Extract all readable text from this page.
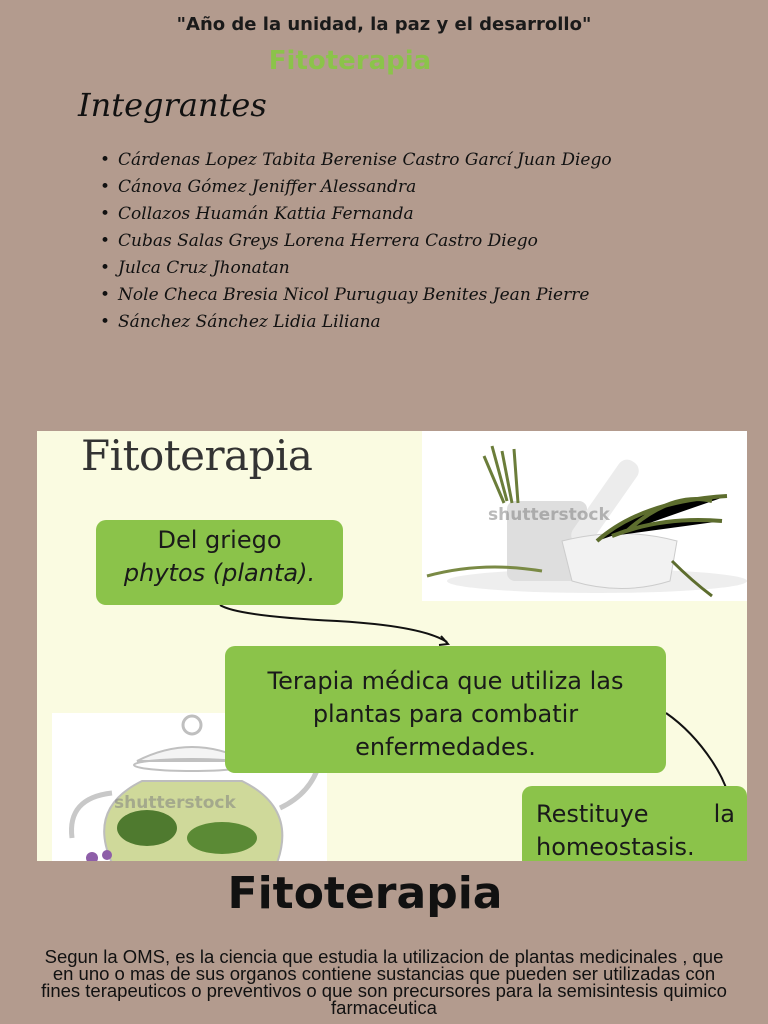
"Año de la unidad, la paz y el desarrollo"
Fitoterapia
Integrantes
• Cárdenas Lopez Tabita Berenise Castro Garcí Juan Diego
• Cánova Gómez Jeniffer Alessandra
• Collazos Huamán Kattia Fernanda
• Cubas Salas Greys Lorena Herrera Castro Diego
• Julca Cruz Jhonatan
• Nole Checa Bresia Nicol Puruguay Benites Jean Pierre
• Sánchez Sánchez Lidia Liliana
Fitoterapia
shutterstock
shutterstock
Del griego
phytos (planta).
Terapia médica que utiliza las
plantas para combatir
enfermedades.
Restituye	la
homeostasis.
Fitoterapia
Segun la OMS, es la ciencia que estudia la utilizacion de plantas medicinales , que en uno o mas de sus organos contiene sustancias que pueden ser utilizadas con fines terapeuticos o preventivos o que son precursores para la semisintesis quimico farmaceutica
